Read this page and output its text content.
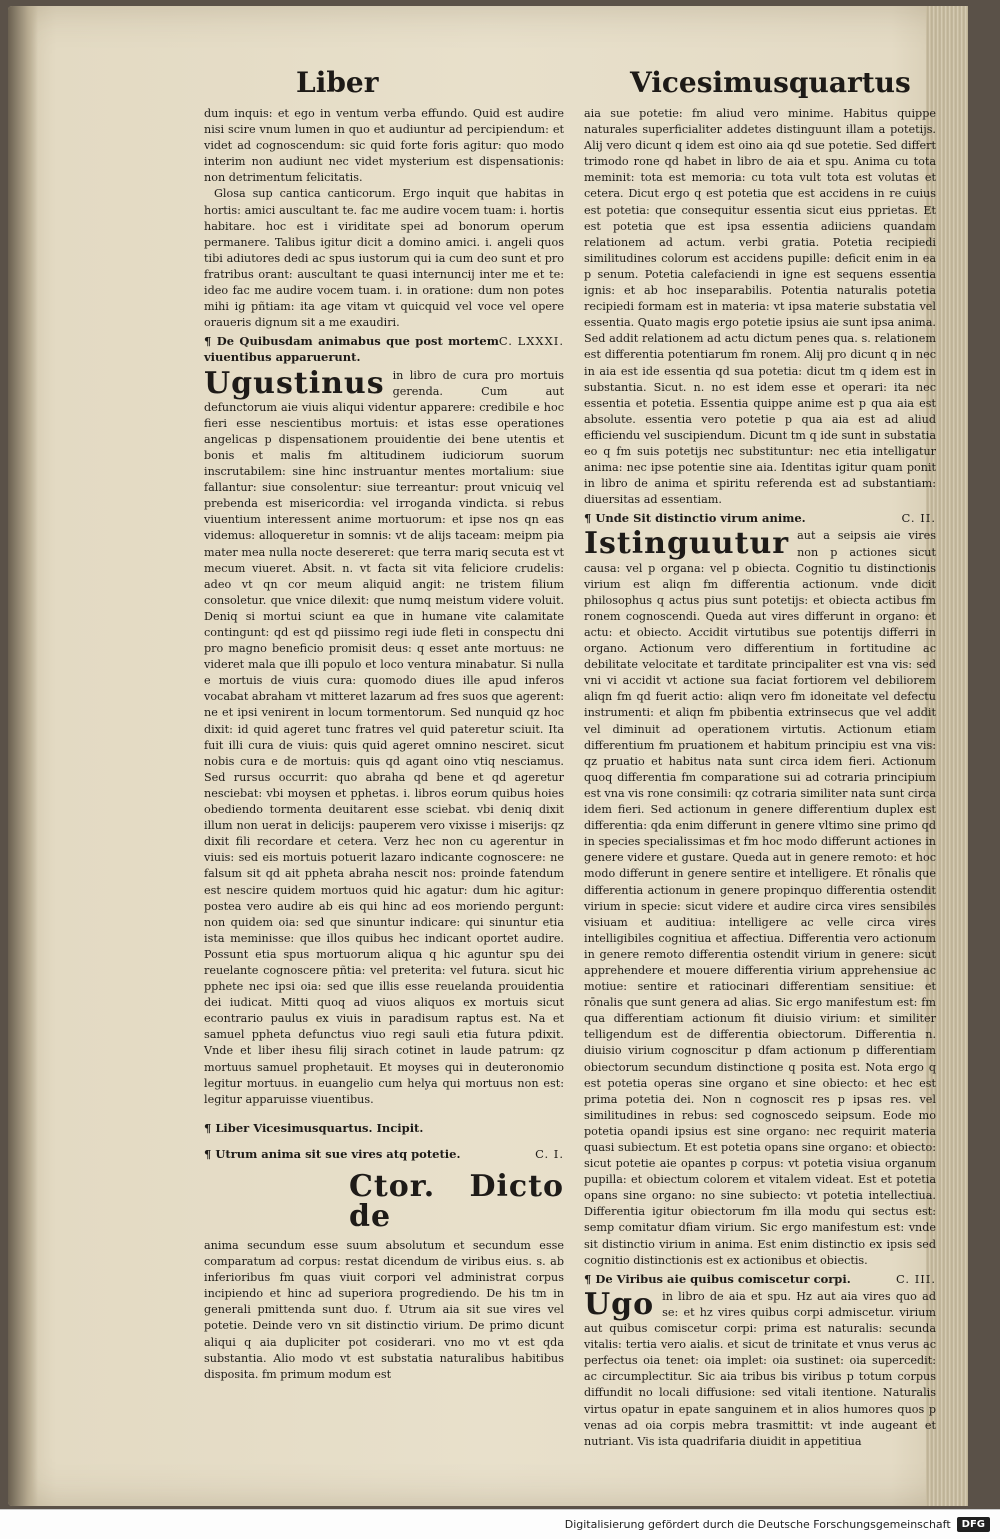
Liber	Vicesimusquartus

dum inquis: et ego in ventum verba effundo. Quid est audire nisi scire vnum lumen in quo et audiuntur ad percipiendum: et videt ad cognoscendum: sic quid forte foris agitur: quo modo interim non audiunt nec videt mysterium est dispensationis: non detrimentum felicitatis.

Glosa sup cantica canticorum. Ergo inquit que habitas in hortis: amici auscultant te. fac me audire vocem tuam: i. hortis habitare. hoc est i viriditate spei ad bonorum operum permanere. Talibus igitur dicit a domino amici. i. angeli quos tibi adiutores dedi ac spus iustorum qui ia cum deo sunt et pro fratribus orant: auscultant te quasi internuncij inter me et te: ideo fac me audire vocem tuam. i. in oratione: dum non potes mihi ig pñtiam: ita age vitam vt quicquid vel voce vel opere oraueris dignum sit a me exaudiri.

C. LXXXI.
¶ De Quibusdam animabus que post mortem viuentibus apparuerunt.

Ugustinus in libro de cura pro mortuis gerenda.	Cum aut defunctorum aie viuis aliqui videntur apparere: credibile e hoc fieri esse nescientibus mortuis: et istas esse operationes angelicas p dispensationem prouidentie dei bene utentis et bonis et malis fm altitudinem iudiciorum suorum inscrutabilem: sine hinc instruantur mentes mortalium: siue fallantur: siue consolentur: siue terreantur: prout vnicuiq vel prebenda est misericordia: vel irroganda vindicta. si rebus viuentium interessent anime mortuorum: et ipse nos qn eas videmus: alloqueretur in somnis: vt de alijs taceam: meipm pia mater mea nulla nocte desereret: que terra mariq secuta est vt mecum viueret. Absit. n. vt facta sit vita feliciore crudelis: adeo vt qn cor meum aliquid angit: ne tristem filium consoletur. que vnice dilexit: que numq meistum videre voluit. Deniq si mortui sciunt ea que in humane vite calamitate contingunt: qd est qd piissimo regi iude fleti in conspectu dni pro magno beneficio promisit deus: q esset ante mortuus: ne videret mala que illi populo et loco ventura minabatur. Si nulla e mortuis de viuis cura: quomodo diues ille apud inferos vocabat abraham vt mitteret lazarum ad fres suos que agerent: ne et ipsi venirent in locum tormentorum. Sed nunquid qz hoc dixit: id quid ageret tunc fratres vel quid pateretur sciuit. Ita fuit illi cura de viuis: quis quid ageret omnino nesciret. sicut nobis cura e de mortuis: quis qd agant oino vtiq nesciamus. Sed rursus occurrit: quo abraha qd bene et qd ageretur nesciebat: vbi moysen et pphetas. i. libros eorum quibus hoies obediendo tormenta deuitarent esse sciebat. vbi deniq dixit illum non uerat in delicijs: pauperem vero vixisse i miserijs: qz dixit fili recordare et cetera. Verz hec non cu agerentur in viuis: sed eis mortuis potuerit lazaro indicante cognoscere: ne falsum sit qd ait ppheta abraha nescit nos: proinde fatendum est nescire quidem mortuos quid hic agatur: dum hic agitur: postea vero audire ab eis qui hinc ad eos moriendo pergunt: non quidem oia: sed que sinuntur indicare: qui sinuntur etia ista meminisse: que illos quibus hec indicant oportet audire. Possunt etia spus mortuorum aliqua q hic aguntur spu dei reuelante cognoscere pñtia: vel preterita: vel futura. sicut hic pphete nec ipsi oia: sed que illis esse reuelanda prouidentia dei iudicat. Mitti quoq ad viuos aliquos ex mortuis sicut econtrario paulus ex viuis in paradisum raptus est. Na et samuel ppheta defunctus viuo regi sauli etia futura pdixit. Vnde et liber ihesu filij sirach cotinet in laude patrum: qz mortuus samuel prophetauit. Et moyses qui in deuteronomio legitur mortuus. in euangelio cum helya qui mortuus non est: legitur apparuisse viuentibus.

¶ Liber Vicesimusquartus. Incipit.
C. I.
¶ Utrum anima sit sue vires atq potetie.
Ctor. Dicto de

anima secundum esse suum absolutum et secundum esse comparatum ad corpus: restat dicendum de viribus eius. s. ab inferioribus fm quas viuit corpori vel administrat corpus incipiendo et hinc ad superiora progrediendo. De his tm in generali pmittenda sunt duo. f. Utrum aia sit sue vires vel potetie. Deinde vero vn sit distinctio virium. De primo dicunt aliqui q aia dupliciter pot cosiderari. vno mo vt est qda substantia. Alio modo vt est substatia naturalibus habitibus disposita. fm primum modum est

aia sue potetie: fm aliud vero minime. Habitus quippe naturales superficialiter addetes distinguunt illam a potetijs. Alij vero dicunt q idem est oino aia qd sue potetie. Sed differt trimodo rone qd habet in libro de aia et spu. Anima cu tota meminit: tota est memoria: cu tota vult tota est volutas et cetera. Dicut ergo q est potetia que est accidens in re cuius est potetia: que consequitur essentia sicut eius pprietas. Et est potetia que est ipsa essentia adiiciens quandam relationem ad actum. verbi gratia. Potetia recipiedi similitudines colorum est accidens pupille: deficit enim in ea p senum. Potetia calefaciendi in igne est sequens essentia ignis: et ab hoc inseparabilis. Potentia naturalis potetia recipiedi formam est in materia: vt ipsa materie substatia vel essentia. Quato magis ergo potetie ipsius aie sunt ipsa anima. Sed addit relationem ad actu dictum penes qua. s. relationem est differentia potentiarum fm ronem. Alij pro dicunt q in nec in aia est ide essentia qd sua potetia: dicut tm q idem est in substantia. Sicut. n. no est idem esse et operari: ita nec essentia et potetia. Essentia quippe anime est p qua aia est absolute. essentia vero potetie p qua aia est ad aliud efficiendu vel suscipiendum. Dicunt tm q ide sunt in substatia eo q fm suis potetijs nec substituntur: nec etia intelligatur anima: nec ipse potentie sine aia. Identitas igitur quam ponit in libro de anima et spiritu referenda est ad substantiam: diuersitas ad essentiam.

C. II.
¶ Unde Sit distinctio virum anime.

Istinguutur aut a seipsis aie vires non p actiones sicut causa: vel p organa: vel p obiecta. Cognitio tu distinctionis virium est aliqn fm differentia actionum. vnde dicit philosophus q actus pius sunt potetijs: et obiecta actibus fm ronem cognoscendi. Queda aut vires differunt in organo: et actu: et obiecto. Accidit virtutibus sue potentijs differri in organo. Actionum vero differentium in fortitudine ac debilitate velocitate et tarditate principaliter est vna vis: sed vni vi accidit vt actione sua faciat fortiorem vel debiliorem aliqn fm qd fuerit actio: aliqn vero fm idoneitate vel defectu instrumenti: et aliqn fm pbibentia extrinsecus que vel addit vel diminuit ad operationem virtutis. Actionum etiam differentium fm pruationem et habitum principiu est vna vis: qz pruatio et habitus nata sunt circa idem fieri. Actionum quoq differentia fm comparatione sui ad cotraria principium est vna vis rone consimili: qz cotraria similiter nata sunt circa idem fieri. Sed actionum in genere differentium duplex est differentia: qda enim differunt in genere vltimo sine primo qd in species specialissimas et fm hoc modo differunt actiones in genere videre et gustare. Queda aut in genere remoto: et hoc modo differunt in genere sentire et intelligere. Et rōnalis que differentia actionum in genere propinquo differentia ostendit virium in specie: sicut videre et audire circa vires sensibiles visiuam et auditiua: intelligere ac velle circa vires intelligibiles cognitiua et affectiua. Differentia vero actionum in genere remoto differentia ostendit virium in genere: sicut apprehendere et mouere differentia virium apprehensiue ac motiue: sentire et ratiocinari differentiam sensitiue: et rōnalis que sunt genera ad alias. Sic ergo manifestum est: fm qua differentiam actionum fit diuisio virium: et similiter telligendum est de differentia obiectorum. Differentia n. diuisio virium cognoscitur p dfam actionum p differentiam obiectorum secundum distinctione q posita est. Nota ergo q est potetia operas sine organo et sine obiecto: et hec est prima potetia dei. Non n cognoscit res p ipsas res. vel similitudines in rebus: sed cognoscedo seipsum. Eode mo potetia opandi ipsius est sine organo: nec requirit materia quasi subiectum. Et est potetia opans sine organo: et obiecto: sicut potetie aie opantes p corpus: vt potetia visiua organum pupilla: et obiectum colorem et vitalem videat. Est et potetia opans sine organo: no sine subiecto: vt potetia intellectiua. Differentia igitur obiectorum fm illa modu qui sectus est: semp comitatur dfiam virium. Sic ergo manifestum est: vnde sit distinctio virium in anima. Est enim distinctio ex ipsis sed cognitio distinctionis est ex actionibus et obiectis.

C. III.
¶ De Viribus aie quibus comiscetur corpi.

Ugo in libro de aia et spu. Hz aut aia vires quo ad se: et hz vires quibus corpi admiscetur. virium aut quibus comiscetur corpi: prima est naturalis: secunda vitalis: tertia vero aialis. et sicut de trinitate et vnus verus ac perfectus oia tenet: oia implet: oia sustinet: oia supercedit: ac circumplectitur. Sic aia tribus bis viribus p totum corpus diffundit no locali diffusione: sed vitali itentione. Naturalis virtus opatur in epate sanguinem et in alios humores quos p venas ad oia corpis mebra trasmittit: vt inde augeant et nutriant. Vis ista quadrifaria diuidit in appetitiua

Digitalisierung gefördert durch die Deutsche Forschungsgemeinschaft	DFG
